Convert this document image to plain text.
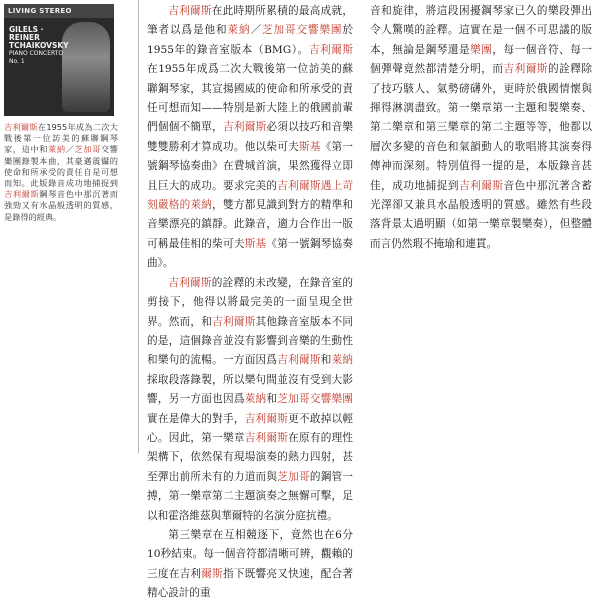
LIVING STEREO
GILELS · REINER
TCHAIKOVSKY
PIANO CONCERTO No. 1
吉利爾斯在1955年成為二次大戰後第一位訪美的蘇聯鋼琴家，這中和萊納／芝加哥交響樂團錄製本曲，其豪邁震懾的使命和所承受的責任自是可想而知。此版錄音成功地捕捉到吉利爾斯鋼琴音色中那沉著而強勁又有水晶般透明的質感，是錄得的經典。

吉利爾斯在此時期所累積的最高成就，筆者以爲是他和萊納／芝加哥交響樂團於1955年的錄音室版本（BMG）。吉利爾斯在1955年成爲二次大戰後第一位訪美的蘇聯鋼琴家，其宣揚國威的使命和所承受的責任可想而知——特別是新大陸上的俄國前輩們個個不簡單，吉利爾斯必須以技巧和音樂雙雙勝利才算成功。他以柴可夫斯基《第一號鋼琴協奏曲》在費城首演，果然獲得立即且巨大的成功。要求完美的吉利爾斯遇上苛刻嚴格的萊納，雙方都見識到對方的精準和音樂漂亮的鎮靜。此錄音，適力合作出一版可稱最佳相的柴可夫斯基《第一號鋼琴協奏曲》。

吉利爾斯的詮釋的未改變，在錄音室的剪接下，他得以將最完美的一面呈現全世界。然而，和吉利爾斯其他錄音室版本不同的是，這個錄音並沒有影響到音樂的生動性和樂句的流暢。一方面因爲吉利爾斯和萊納採取段落錄製，所以樂句間並沒有受到大影響，另一方面也因爲萊納和芝加哥交響樂團實在是偉大的對手，吉利爾斯更不敢掉以輕心。因此，第一樂章吉利爾斯在原有的理性架構下，依然保有現場演奏的熱力四射，甚至彈出前所未有的力道而與芝加哥的鋼管一搏，第一樂章第二主題演奏之無懈可擊，足以和霍洛維茲與華爾特的名演分庭抗禮。

第三樂章在互相競逐下，竟然也在6分10秒結束。每一個音符都清晰可辨，觀賴的三度在吉利爾斯指下既響亮又快速，配合著精心設計的重

音和旋律，將這段困擾鋼琴家已久的樂段彈出令人驚嘆的詮釋。這實在是一個不可思議的版本，無論是鋼琴還是樂團，每一個音符、每一個彈聲竟然都清楚分明，而吉利爾斯的詮釋除了技巧駭人、氣勢磅礴外，更時於俄國情懷與揮得淋漓盡致。第一樂章第一主題和製樂奏、第二樂章和第三樂章的第二主題等等，他都以層次多變的音色和氣韻動人的歌唱將其演奏得傳神而深刻。特別值得一提的是，本版錄音甚佳，成功地捕捉到吉利爾斯音色中那沉著含蓄光澤卻又兼具水晶般透明的質感。雖然有些段落背景太過明顯（如第一樂章製樂奏），但整體而言仍然瑕不掩瑜和連貫。
